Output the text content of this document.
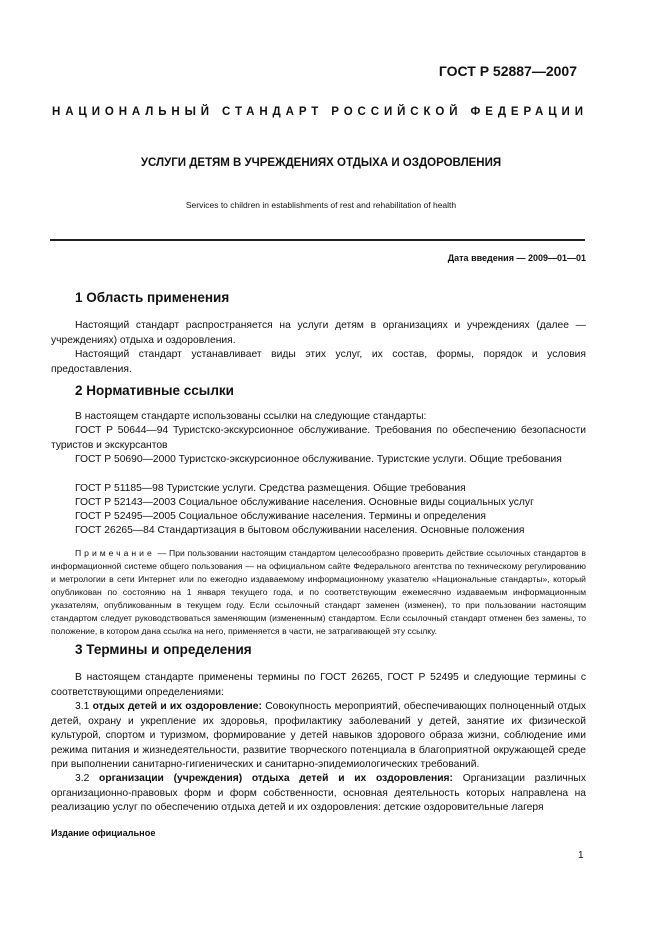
ГОСТ Р 52887—2007
НАЦИОНАЛЬНЫЙ СТАНДАРТ РОССИЙСКОЙ ФЕДЕРАЦИИ
УСЛУГИ ДЕТЯМ В УЧРЕЖДЕНИЯХ ОТДЫХА И ОЗДОРОВЛЕНИЯ
Services to children in establishments of rest and rehabilitation of health
Дата введения — 2009—01—01
1 Область применения

Настоящий стандарт распространяется на услуги детям в организациях и учреждениях (далее — учреждениях) отдыха и оздоровления.

Настоящий стандарт устанавливает виды этих услуг, их состав, формы, порядок и условия предоставления.

2 Нормативные ссылки

В настоящем стандарте использованы ссылки на следующие стандарты:

ГОСТ Р 50644—94 Туристско-экскурсионное обслуживание. Требования по обеспечению безопасности туристов и экскурсантов

ГОСТ Р 50690—2000 Туристско-экскурсионное обслуживание. Туристские услуги. Общие требования

ГОСТ Р 51185—98 Туристские услуги. Средства размещения. Общие требования

ГОСТ Р 52143—2003 Социальное обслуживание населения. Основные виды социальных услуг

ГОСТ Р 52495—2005 Социальное обслуживание населения. Термины и определения

ГОСТ 26265—84 Стандартизация в бытовом обслуживании населения. Основные положения

Примечание — При пользовании настоящим стандартом целесообразно проверить действие ссылочных стандартов в информационной системе общего пользования — на официальном сайте Федерального агентства по техническому регулированию и метрологии в сети Интернет или по ежегодно издаваемому информационному указателю «Национальные стандарты», который опубликован по состоянию на 1 января текущего года, и по соответствующим ежемесячно издаваемым информационным указателям, опубликованным в текущем году. Если ссылочный стандарт заменен (изменен), то при пользовании настоящим стандартом следует руководствоваться заменяющим (измененным) стандартом. Если ссылочный стандарт отменен без замены, то положение, в котором дана ссылка на него, применяется в части, не затрагивающей эту ссылку.

3 Термины и определения

В настоящем стандарте применены термины по ГОСТ 26265, ГОСТ Р 52495 и следующие термины с соответствующими определениями:

3.1 отдых детей и их оздоровление: Совокупность мероприятий, обеспечивающих полноценный отдых детей, охрану и укрепление их здоровья, профилактику заболеваний у детей, занятие их физической культурой, спортом и туризмом, формирование у детей навыков здорового образа жизни, соблюдение ими режима питания и жизнедеятельности, развитие творческого потенциала в благоприятной окружающей среде при выполнении санитарно-гигиенических и санитарно-эпидемиологических требований.

3.2 организации (учреждения) отдыха детей и их оздоровления: Организации различных организационно-правовых форм и форм собственности, основная деятельность которых направлена на реализацию услуг по обеспечению отдыха детей и их оздоровления: детские оздоровительные лагеря

Издание официальное
1
